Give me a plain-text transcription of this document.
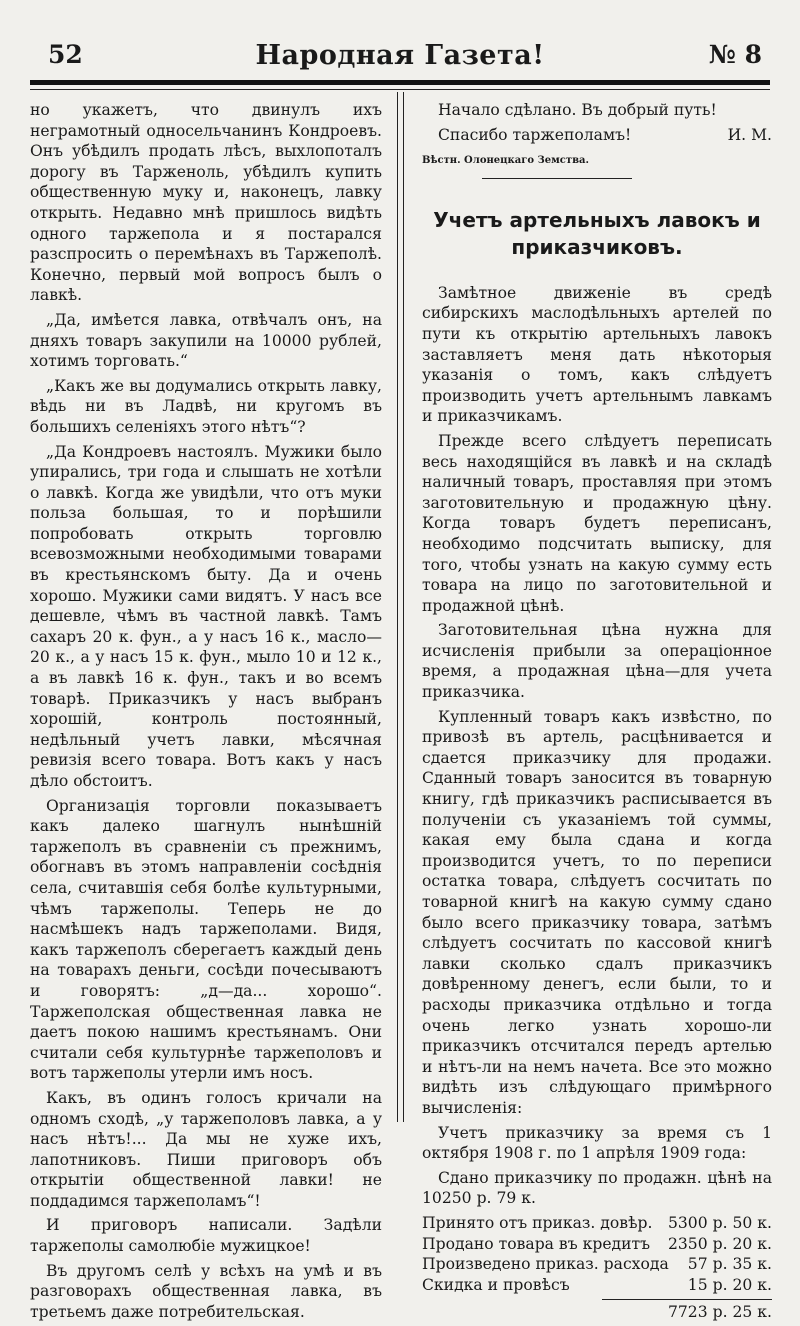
52	Народная Газета!	№ 8

но укажетъ, что двинулъ ихъ неграмотный односельчанинъ Кондроевъ. Онъ убѣдилъ продать лѣсъ, выхлопоталъ дорогу въ Тарженоль, убѣдилъ купить общественную муку и, наконецъ, лавку открыть. Недавно мнѣ пришлось видѣть одного таржепола и я постарался разспросить о перемѣнахъ въ Таржеполѣ. Конечно, первый мой вопросъ былъ о лавкѣ.

„Да, имѣется лавка, отвѣчалъ онъ, на дняхъ товаръ закупили на 10000 рублей, хотимъ торговать.“

„Какъ же вы додумались открыть лавку, вѣдь ни въ Ладвѣ, ни кругомъ въ большихъ селеніяхъ этого нѣтъ“?

„Да Кондроевъ настоялъ. Мужики было упирались, три года и слышать не хотѣли о лавкѣ. Когда же увидѣли, что отъ муки польза большая, то и порѣшили попробовать открыть торговлю всевозможными необходимыми товарами въ крестьянскомъ быту. Да и очень хорошо. Мужики сами видятъ. У насъ все дешевле, чѣмъ въ частной лавкѣ. Тамъ сахаръ 20 к. фун., а у насъ 16 к., масло—20 к., а у насъ 15 к. фун., мыло 10 и 12 к., а въ лавкѣ 16 к. фун., такъ и во всемъ товарѣ. Приказчикъ у насъ выбранъ хорошій, контроль постоянный, недѣльный учетъ лавки, мѣсячная ревизія всего товара. Вотъ какъ у насъ дѣло обстоитъ.

Организація торговли показываетъ какъ далеко шагнулъ нынѣшній таржеполъ въ сравненіи съ прежнимъ, обогнавъ въ этомъ направленіи сосѣднія села, считавшія себя болѣе культурными, чѣмъ таржеполы. Теперь не до насмѣшекъ надъ таржеполами. Видя, какъ таржеполъ сберегаетъ каждый день на товарахъ деньги, сосѣди почесываютъ и говорятъ: „д—да... хорошо“. Таржеполская общественная лавка не даетъ покою нашимъ крестьянамъ. Они считали себя культурнѣе таржеполовъ и вотъ таржеполы утерли имъ носъ.

Какъ, въ одинъ голосъ кричали на одномъ сходѣ, „у таржеполовъ лавка, а у насъ нѣтъ!... Да мы не хуже ихъ, лапотниковъ. Пиши приговоръ объ открытіи общественной лавки! не поддадимся таржеполамъ“!

И приговоръ написали. Задѣли таржеполы самолюбіе мужицкое!

Въ другомъ селѣ у всѣхъ на умѣ и въ разговорахъ общественная лавка, въ третьемъ даже потребительская.

Начало сдѣлано. Въ добрый путь!

Спасибо таржеполамъ!	И. М.
Вѣстн. Олонецкаго Земства.
Учетъ артельныхъ лавокъ и приказчиковъ.

Замѣтное движеніе въ средѣ сибирскихъ маслодѣльныхъ артелей по пути къ открытію артельныхъ лавокъ заставляетъ меня дать нѣкоторыя указанія о томъ, какъ слѣдуетъ производить учетъ артельнымъ лавкамъ и приказчикамъ.

Прежде всего слѣдуетъ переписать весь находящійся въ лавкѣ и на складѣ наличный товаръ, проставляя при этомъ заготовительную и продажную цѣну. Когда товаръ будетъ переписанъ, необходимо подсчитать выписку, для того, чтобы узнать на какую сумму есть товара на лицо по заготовительной и продажной цѣнѣ.

Заготовительная цѣна нужна для исчисленія прибыли за операціонное время, а продажная цѣна—для учета приказчика.

Купленный товаръ какъ извѣстно, по привозѣ въ артель, расцѣнивается и сдается приказчику для продажи. Сданный товаръ заносится въ товарную книгу, гдѣ приказчикъ расписывается въ полученіи съ указаніемъ той суммы, какая ему была сдана и когда производится учетъ, то по переписи остатка товара, слѣдуетъ сосчитать по товарной книгѣ на какую сумму сдано было всего приказчику товара, затѣмъ слѣдуетъ сосчитать по кассовой книгѣ лавки сколько сдалъ приказчикъ довѣренному денегъ, если были, то и расходы приказчика отдѣльно и тогда очень легко узнать хорошо-ли приказчикъ отсчитался передъ артелью и нѣтъ-ли на немъ начета. Все это можно видѣть изъ слѣдующаго примѣрного вычисленія:

Учетъ приказчику за время съ 1 октября 1908 г. по 1 апрѣля 1909 года:

Сдано приказчику по продажн. цѣнѣ на 10250 р. 79 к.

Принято отъ приказ. довѣр. 5300 р. 50 к.
Продано товара въ кредитъ 2350 р. 20 к.
Произведено приказ. расхода 57 р. 35 к.
Скидка и провѣсъ	15 р. 20 к.
7723 р. 25 к.
